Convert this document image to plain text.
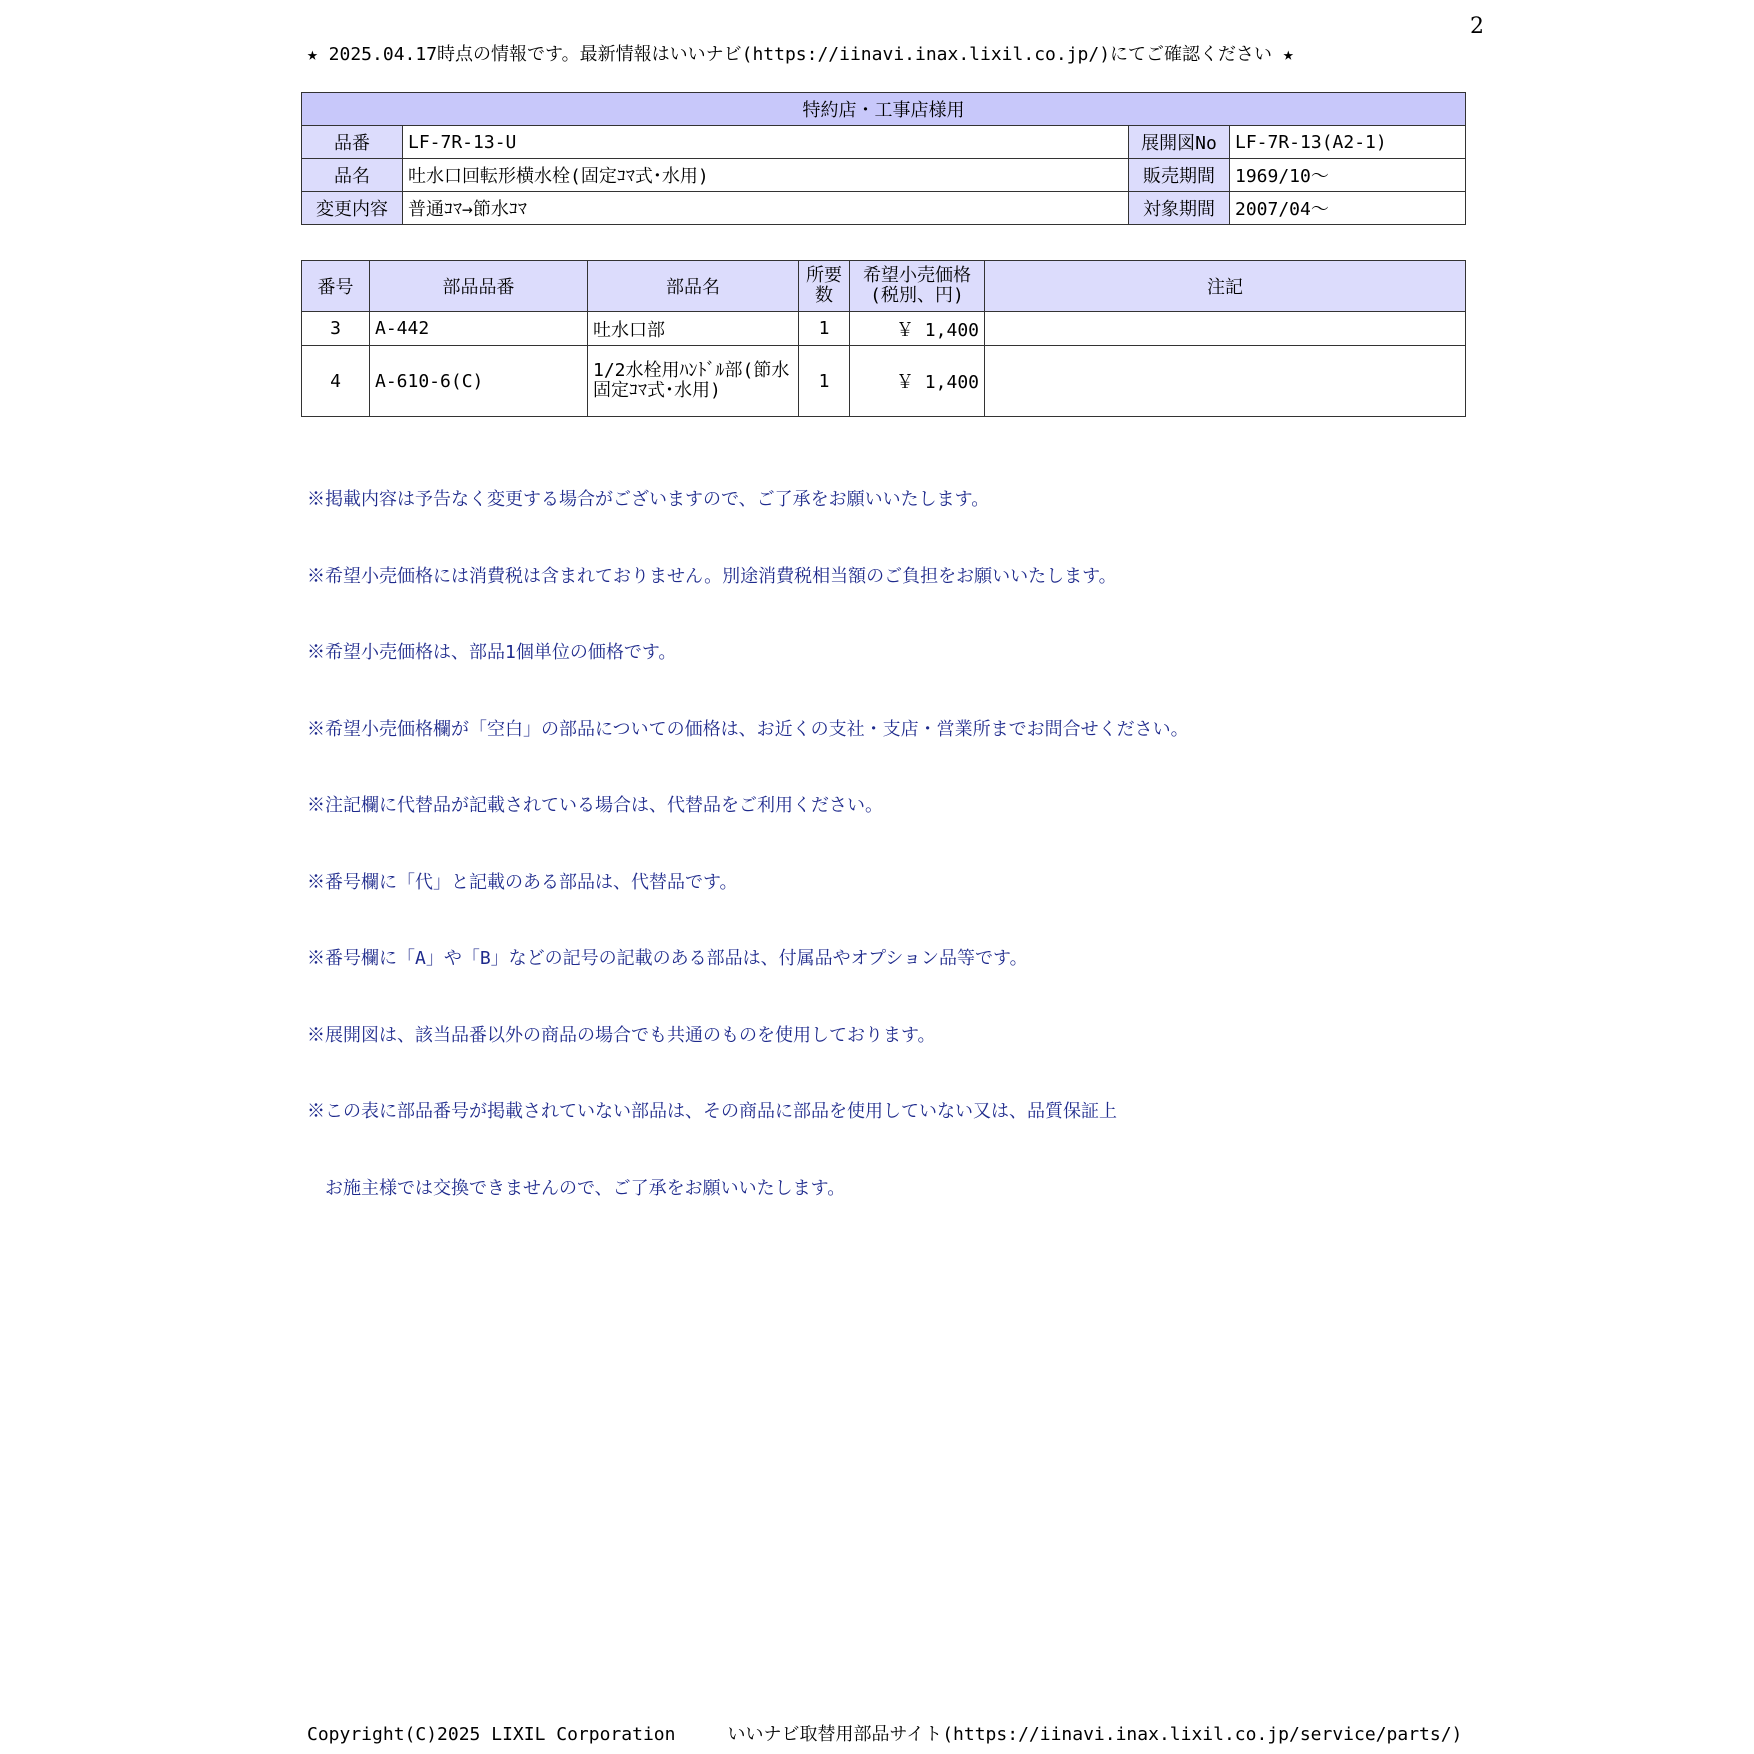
2
★ 2025.04.17時点の情報です。最新情報はいいナビ(https://iinavi.inax.lixil.co.jp/)にてご確認ください ★
特約店・工事店様用			
品番	LF-7R-13-U	展開図No	LF-7R-13(A2-1)
品名	吐水口回転形横水栓(固定ｺﾏ式･水用)	販売期間	1969/10～
変更内容	普通ｺﾏ→節水ｺﾏ	対象期間	2007/04～
番号	部品品番	部品名	所要数	希望小売価格(税別、円)	注記
3	A-442	吐水口部	1	￥ 1,400	
4	A-610-6(C)	1/2水栓用ﾊﾝﾄﾞﾙ部(節水固定ｺﾏ式･水用)	1	￥ 1,400	

※掲載内容は予告なく変更する場合がございますので、ご了承をお願いいたします。

※希望小売価格には消費税は含まれておりません。別途消費税相当額のご負担をお願いいたします。

※希望小売価格は、部品1個単位の価格です。

※希望小売価格欄が「空白」の部品についての価格は、お近くの支社・支店・営業所までお問合せください。

※注記欄に代替品が記載されている場合は、代替品をご利用ください。

※番号欄に「代」と記載のある部品は、代替品です。

※番号欄に「A」や「B」などの記号の記載のある部品は、付属品やオプション品等です。

※展開図は、該当品番以外の商品の場合でも共通のものを使用しております。

※この表に部品番号が掲載されていない部品は、その商品に部品を使用していない又は、品質保証上

　お施主様では交換できませんので、ご了承をお願いいたします。

Copyright(C)2025 LIXIL Corporation	いいナビ取替用部品サイト(https://iinavi.inax.lixil.co.jp/service/parts/)
